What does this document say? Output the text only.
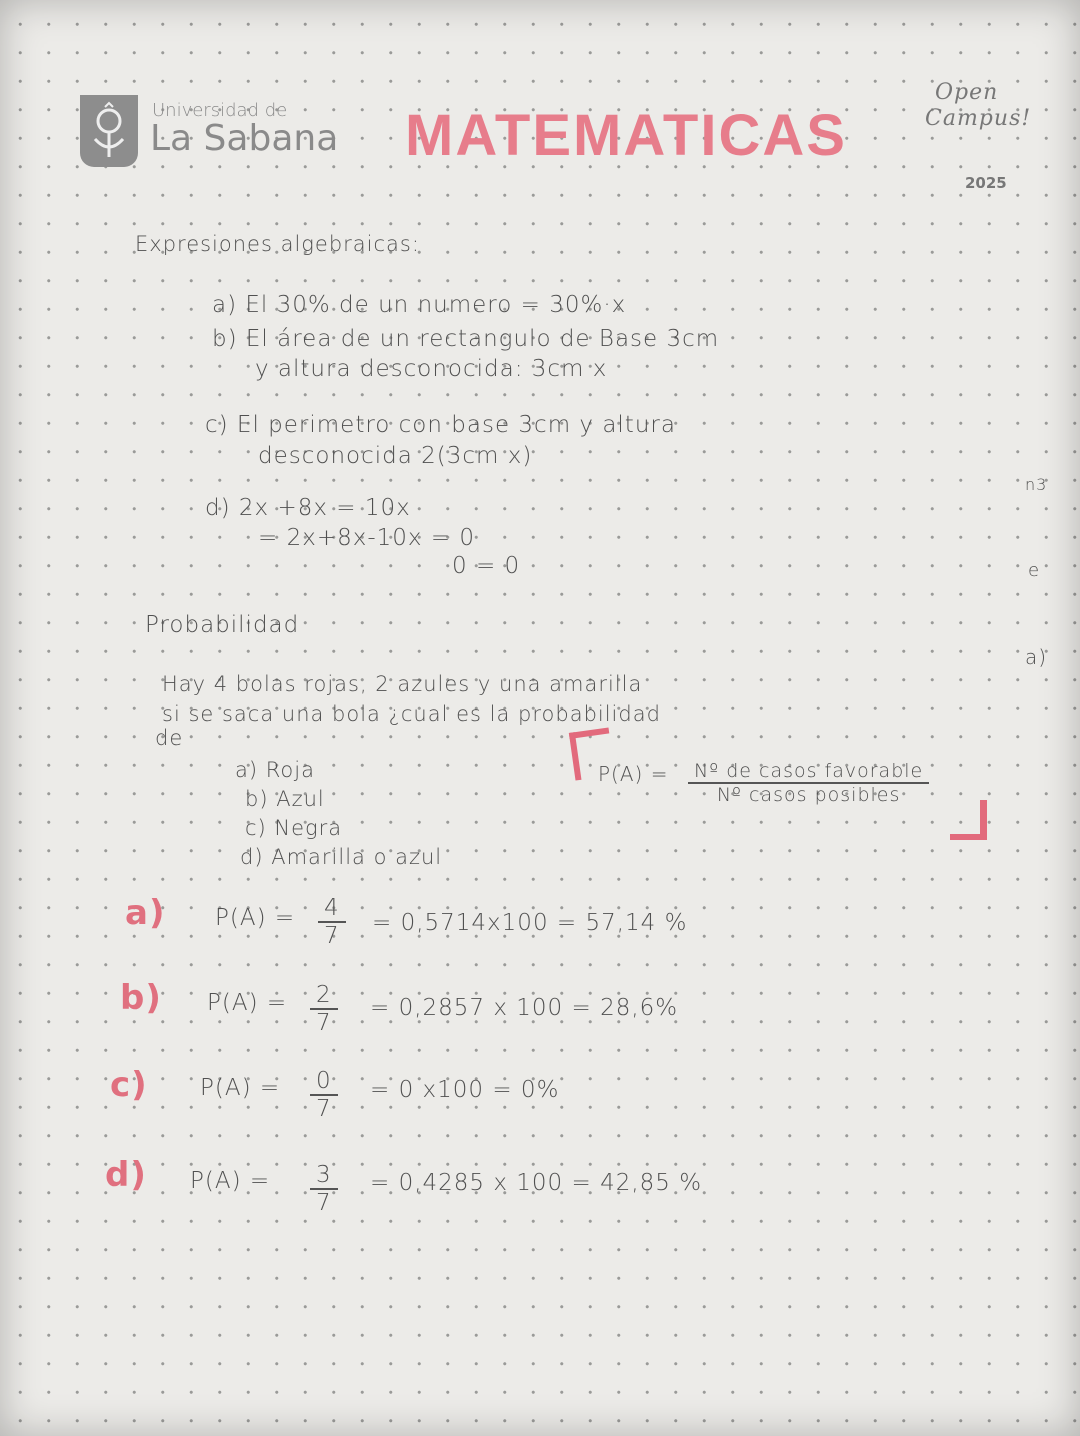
Universidad de
La Sabana MATEMATICAS
Open
Campus!
2025
Expresiones algebraicas:
a) El 30% de un numero = 30%·x
b) El área de un rectangulo de Base 3cm
y altura desconocida: 3cm x
c) El perimetro con base 3cm y altura
desconocida 2(3cm x)
d) 2x +8x = 10x
= 2x+8x-10x = 0
0 = 0
Probabilidad
Hay 4 bolas rojas, 2 azules y una amarilla
si se saca una bola ¿cual es la probabilidad
de
a) Roja
b) Azul
c) Negra
d) Amarilla o azul
P(A) =	Nº de casos favorable
Nº casos posibles
a) $P(A) = \frac{4}{7} = 0,5714x100 = 57,14$ %
b) $P(A) = \frac{2}{7} = 0,2857$ x 100 = 28,6%
c) $P(A) = \frac{0}{7} = 0$ x100 = 0%
d) $P(A) = \frac{3}{7} = 0,4285$ x 100 = 42,85 %
n3
e
a)
